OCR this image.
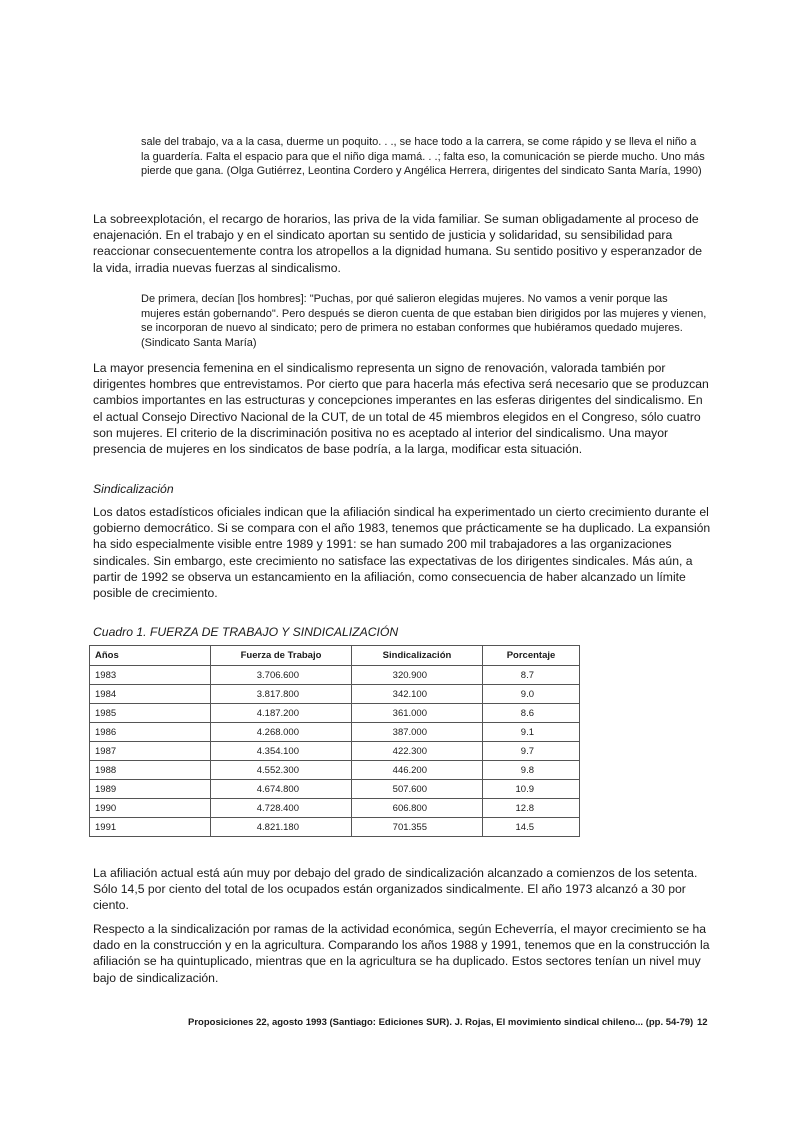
sale del trabajo, va a la casa, duerme un poquito. . ., se hace todo a la carrera, se come rápido y se lleva el niño a la guardería. Falta el espacio para que el niño diga mamá. . .; falta eso, la comunicación se pierde mucho. Uno más pierde que gana. (Olga Gutiérrez, Leontina Cordero y Angélica Herrera, dirigentes del sindicato Santa María, 1990)

La sobreexplotación, el recargo de horarios, las priva de la vida familiar. Se suman obligadamente al proceso de enajenación. En el trabajo y en el sindicato aportan su sentido de justicia y solidaridad, su sensibilidad para reaccionar consecuentemente contra los atropellos a la dignidad humana. Su sentido positivo y esperanzador de la vida, irradia nuevas fuerzas al sindicalismo.

De primera, decían [los hombres]: "Puchas, por qué salieron elegidas mujeres. No vamos a venir porque las mujeres están gobernando". Pero después se dieron cuenta de que estaban bien dirigidos por las mujeres y vienen, se incorporan de nuevo al sindicato; pero de primera no estaban conformes que hubiéramos quedado mujeres. (Sindicato Santa María)

La mayor presencia femenina en el sindicalismo representa un signo de renovación, valorada también por dirigentes hombres que entrevistamos. Por cierto que para hacerla más efectiva será necesario que se produzcan cambios importantes en las estructuras y concepciones imperantes en las esferas dirigentes del sindicalismo. En el actual Consejo Directivo Nacional de la CUT, de un total de 45 miembros elegidos en el Congreso, sólo cuatro son mujeres. El criterio de la discriminación positiva no es aceptado al interior del sindicalismo. Una mayor presencia de mujeres en los sindicatos de base podría, a la larga, modificar esta situación.

Sindicalización

Los datos estadísticos oficiales indican que la afiliación sindical ha experimentado un cierto crecimiento durante el gobierno democrático. Si se compara con el año 1983, tenemos que prácticamente se ha duplicado. La expansión ha sido especialmente visible entre 1989 y 1991: se han sumado 200 mil trabajadores a las organizaciones sindicales. Sin embargo, este crecimiento no satisface las expectativas de los dirigentes sindicales. Más aún, a partir de 1992 se observa un estancamiento en la afiliación, como consecuencia de haber alcanzado un límite posible de crecimiento.

Cuadro 1. FUERZA DE TRABAJO Y SINDICALIZACIÓN
Años	Fuerza de Trabajo	Sindicalización	Porcentaje
1983	3.706.600	320.900	8.7
1984	3.817.800	342.100	9.0
1985	4.187.200	361.000	8.6
1986	4.268.000	387.000	9.1
1987	4.354.100	422.300	9.7
1988	4.552.300	446.200	9.8
1989	4.674.800	507.600	10.9
1990	4.728.400	606.800	12.8
1991	4.821.180	701.355	14.5

La afiliación actual está aún muy por debajo del grado de sindicalización alcanzado a comienzos de los setenta. Sólo 14,5 por ciento del total de los ocupados están organizados sindicalmente. El año 1973 alcanzó a 30 por ciento.

Respecto a la sindicalización por ramas de la actividad económica, según Echeverría, el mayor crecimiento se ha dado en la construcción y en la agricultura. Comparando los años 1988 y 1991, tenemos que en la construcción la afiliación se ha quintuplicado, mientras que en la agricultura se ha duplicado. Estos sectores tenían un nivel muy bajo de sindicalización.

Proposiciones 22, agosto 1993 (Santiago: Ediciones SUR). J. Rojas, El movimiento sindical chileno... (pp. 54-79) 12
